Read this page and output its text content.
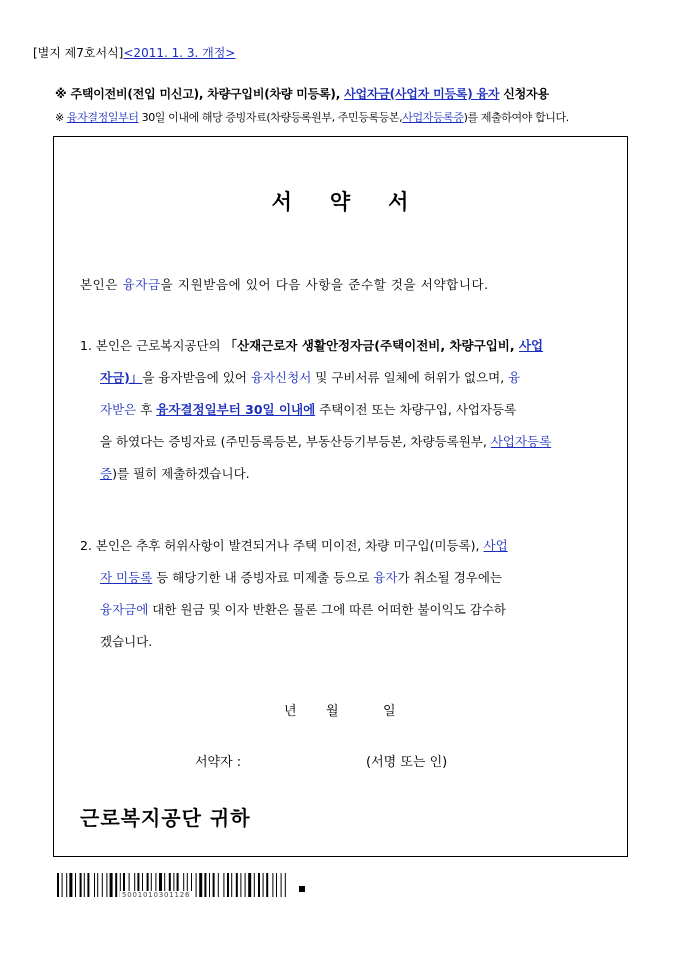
[별지 제7호서식]<2011. 1. 3. 개정>
※ 주택이전비(전입 미신고), 차량구입비(차량 미등록), 사업자금(사업자 미등록) 융자 신청자용
※ 융자결정일부터 30일 이내에 해당 증빙자료(차량등록원부, 주민등록등본,사업자등록증)를 제출하여야 합니다.
서약서
본인은 융자금을 지원받음에 있어 다음 사항을 준수할 것을 서약합니다.
1. 본인은 근로복지공단의 「산재근로자 생활안정자금(주택이전비, 차량구입비, 사업
자금)」을 융자받음에 있어 융자신청서 및 구비서류 일체에 허위가 없으며, 융
자받은 후 융자결정일부터 30일 이내에 주택이전 또는 차량구입, 사업자등록
을 하였다는 증빙자료 (주민등록등본, 부동산등기부등본, 차량등록원부, 사업자등록
증)를 필히 제출하겠습니다.
2. 본인은 추후 허위사항이 발견되거나 주택 미이전, 차량 미구입(미등록), 사업
자 미등록 등 해당기한 내 증빙자료 미제출 등으로 융자가 취소될 경우에는
융자금에 대한 원금 및 이자 반환은 물론 그에 따른 어떠한 불이익도 감수하
겠습니다.
년 월	일
서약자 :	(서명 또는 인)
근로복지공단 귀하
5001010301126
